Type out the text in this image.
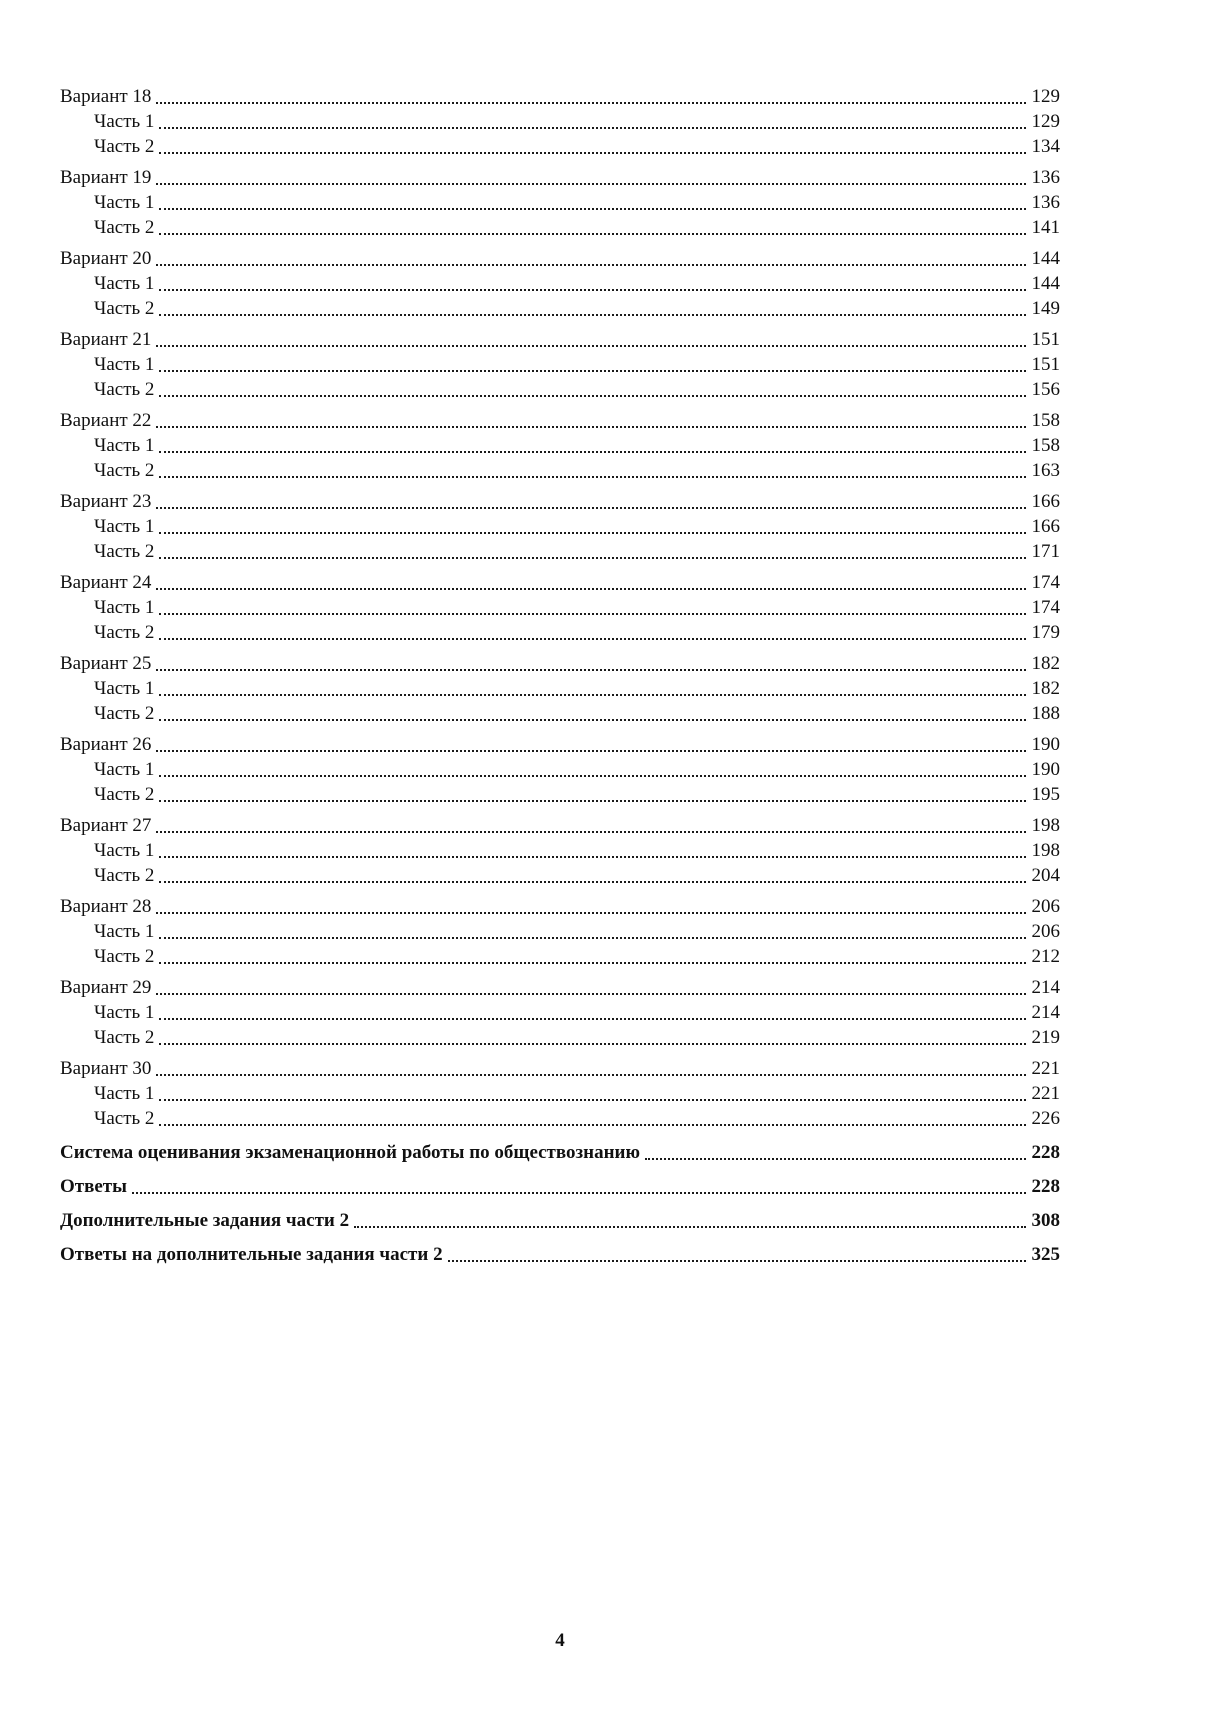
Вариант 18	129
Часть 1	129
Часть 2	134
Вариант 19	136
Часть 1	136
Часть 2	141
Вариант 20	144
Часть 1	144
Часть 2	149
Вариант 21	151
Часть 1	151
Часть 2	156
Вариант 22	158
Часть 1	158
Часть 2	163
Вариант 23	166
Часть 1	166
Часть 2	171
Вариант 24	174
Часть 1	174
Часть 2	179
Вариант 25	182
Часть 1	182
Часть 2	188
Вариант 26	190
Часть 1	190
Часть 2	195
Вариант 27	198
Часть 1	198
Часть 2	204
Вариант 28	206
Часть 1	206
Часть 2	212
Вариант 29	214
Часть 1	214
Часть 2	219
Вариант 30	221
Часть 1	221
Часть 2	226
Система оценивания экзаменационной работы по обществознанию	228
Ответы	228
Дополнительные задания части 2	308
Ответы на дополнительные задания части 2	325
4
